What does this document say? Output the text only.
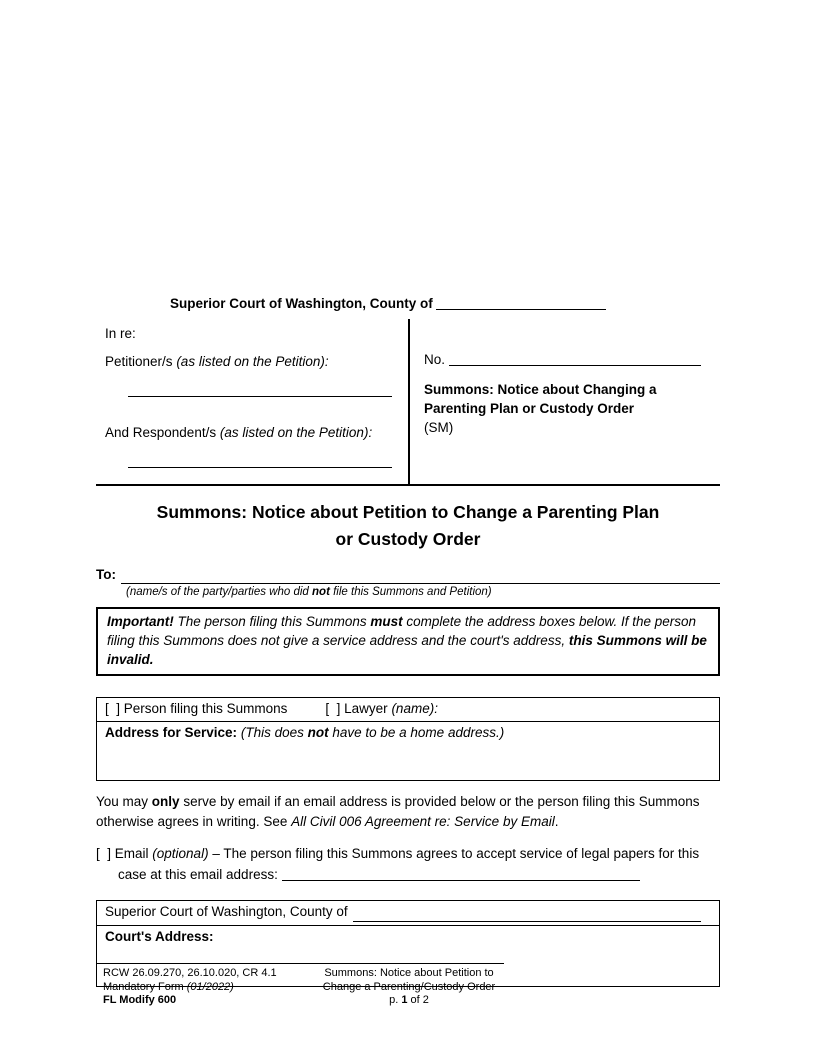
Superior Court of Washington, County of
In re:
Petitioner/s (as listed on the Petition):
And Respondent/s (as listed on the Petition):
No.
Summons: Notice about Changing a
Parenting Plan or Custody Order
(SM)
Summons: Notice about Petition to Change a Parenting Plan
or Custody Order
To:
(name/s of the party/parties who did not file this Summons and Petition)
Important! The person filing this Summons must complete the address boxes below. If the person filing this Summons does not give a service address and the court's address, this Summons will be invalid.
[  ] Person filing this Summons	[  ] Lawyer (name):
Address for Service: (This does not have to be a home address.)
You may only serve by email if an email address is provided below or the person filing this Summons otherwise agrees in writing. See All Civil 006 Agreement re: Service by Email.
[  ] Email (optional) – The person filing this Summons agrees to accept service of legal papers for this case at this email address:
Superior Court of Washington, County of
Court's Address:
RCW 26.09.270, 26.10.020, CR 4.1
Mandatory Form (01/2022)
FL Modify 600
Summons: Notice about Petition to
Change a Parenting/Custody Order
p. 1 of 2
